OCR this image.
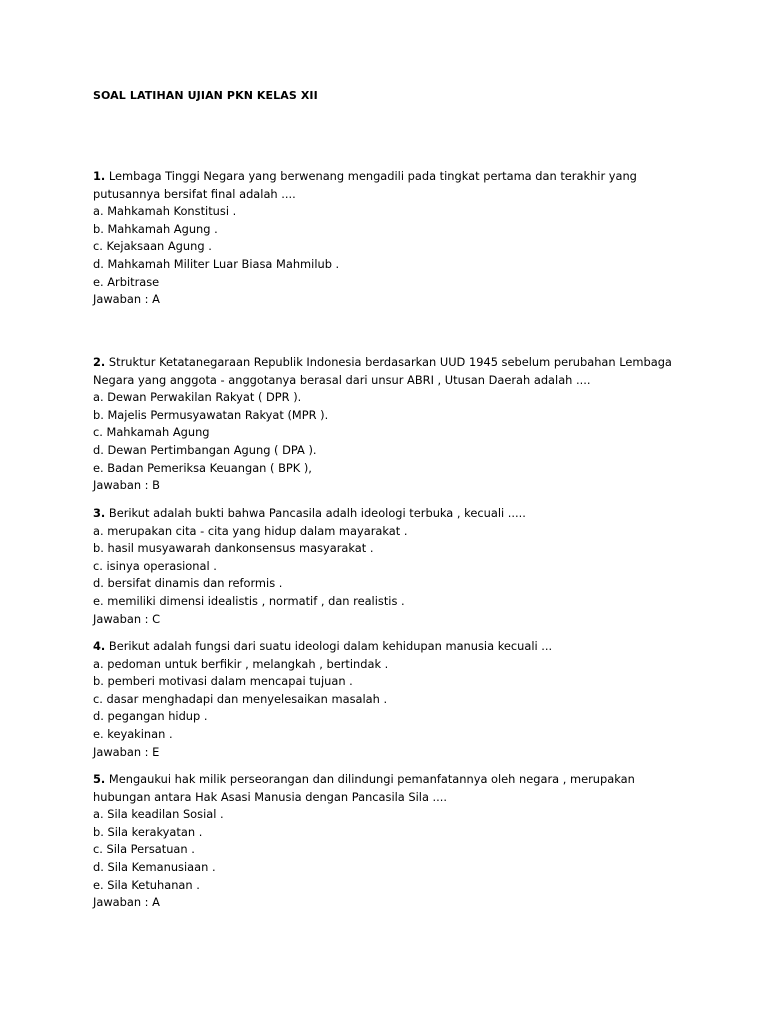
SOAL LATIHAN UJIAN PKN KELAS XII
1. Lembaga Tinggi Negara yang berwenang mengadili pada tingkat pertama dan terakhir yang
putusannya bersifat final adalah ....
a. Mahkamah Konstitusi .
b. Mahkamah Agung .
c. Kejaksaan Agung .
d. Mahkamah Militer Luar Biasa Mahmilub .
e. Arbitrase
Jawaban : A
2. Struktur Ketatanegaraan Republik Indonesia berdasarkan UUD 1945 sebelum perubahan Lembaga
Negara yang anggota - anggotanya berasal dari unsur ABRI , Utusan Daerah adalah ....
a. Dewan Perwakilan Rakyat ( DPR ).
b. Majelis Permusyawatan Rakyat (MPR ).
c. Mahkamah Agung
d. Dewan Pertimbangan Agung ( DPA ).
e. Badan Pemeriksa Keuangan ( BPK ),
Jawaban : B
3. Berikut adalah bukti bahwa Pancasila adalh ideologi terbuka , kecuali .....
a. merupakan cita - cita yang hidup dalam mayarakat .
b. hasil musyawarah dankonsensus masyarakat .
c. isinya operasional .
d. bersifat dinamis dan reformis .
e. memiliki dimensi idealistis , normatif , dan realistis .
Jawaban : C
4. Berikut adalah fungsi dari suatu ideologi dalam kehidupan manusia kecuali ...
a. pedoman untuk berfikir , melangkah , bertindak .
b. pemberi motivasi dalam mencapai tujuan .
c. dasar menghadapi dan menyelesaikan masalah .
d. pegangan hidup .
e. keyakinan .
Jawaban : E
5. Mengaukui hak milik perseorangan dan dilindungi pemanfatannya oleh negara , merupakan
hubungan antara Hak Asasi Manusia dengan Pancasila Sila ....
a. Sila keadilan Sosial .
b. Sila kerakyatan .
c. Sila Persatuan .
d. Sila Kemanusiaan .
e. Sila Ketuhanan .
Jawaban : A
